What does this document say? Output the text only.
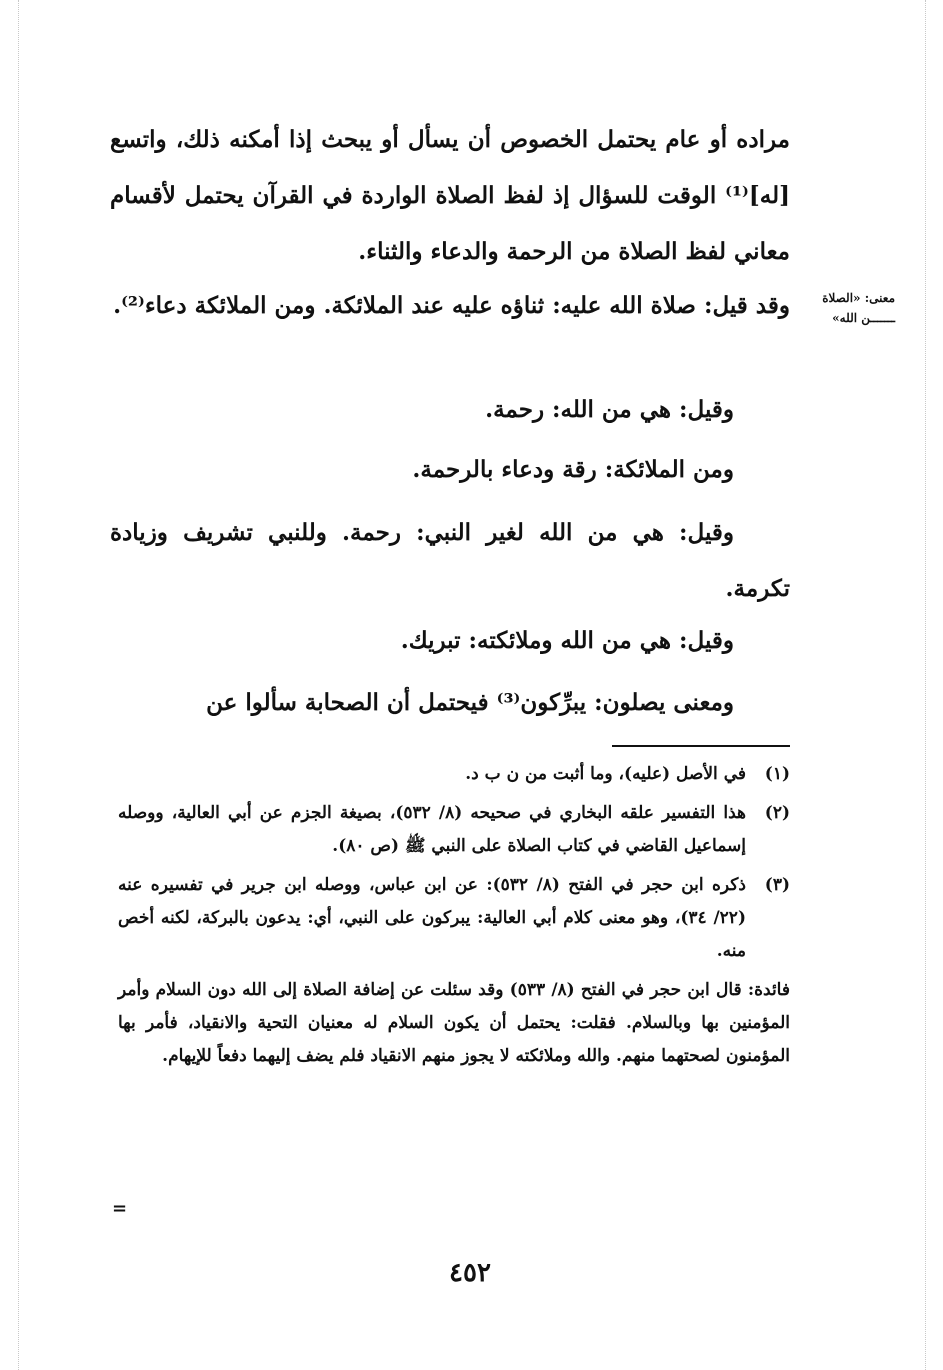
معنى: «الصلاة
ـــــــن الله»

مراده أو عام يحتمل الخصوص أن يسأل أو يبحث إذا أمكنه ذلك، واتسع [له]⁽¹⁾ الوقت للسؤال إذ لفظ الصلاة الواردة في القرآن يحتمل لأقسام معاني لفظ الصلاة من الرحمة والدعاء والثناء.

وقد قيل: صلاة الله عليه: ثناؤه عليه عند الملائكة. ومن الملائكة دعاء⁽²⁾.

وقيل: هي من الله: رحمة.

ومن الملائكة: رقة ودعاء بالرحمة.

وقيل: هي من الله لغير النبي: رحمة. وللنبي تشريف وزيادة تكرمة.

وقيل: هي من الله وملائكته: تبريك.

ومعنى يصلون: يبرِّكون⁽³⁾ فيحتمل أن الصحابة سألوا عن

(١)
في الأصل (عليه)، وما أثبت من ن ب د.
(٢)
هذا التفسير علقه البخاري في صحيحه (٨/ ٥٣٢)، بصيغة الجزم عن أبي العالية، ووصله إسماعيل القاضي في كتاب الصلاة على النبي ﷺ (ص ٨٠).
(٣)
ذكره ابن حجر في الفتح (٨/ ٥٣٢): عن ابن عباس، ووصله ابن جرير في تفسيره عنه (٢٢/ ٣٤)، وهو معنى كلام أبي العالية: يبركون على النبي، أي: يدعون بالبركة، لكنه أخص منه.

فائدة: قال ابن حجر في الفتح (٨/ ٥٣٣) وقد سئلت عن إضافة الصلاة إلى الله دون السلام وأمر المؤمنين بها وبالسلام. فقلت: يحتمل أن يكون السلام له معنيان التحية والانقياد، فأمر بها المؤمنون لصحتهما منهم. والله وملائكته لا يجوز منهم الانقياد فلم يضف إليهما دفعاً للإيهام.

=
٤٥٢
